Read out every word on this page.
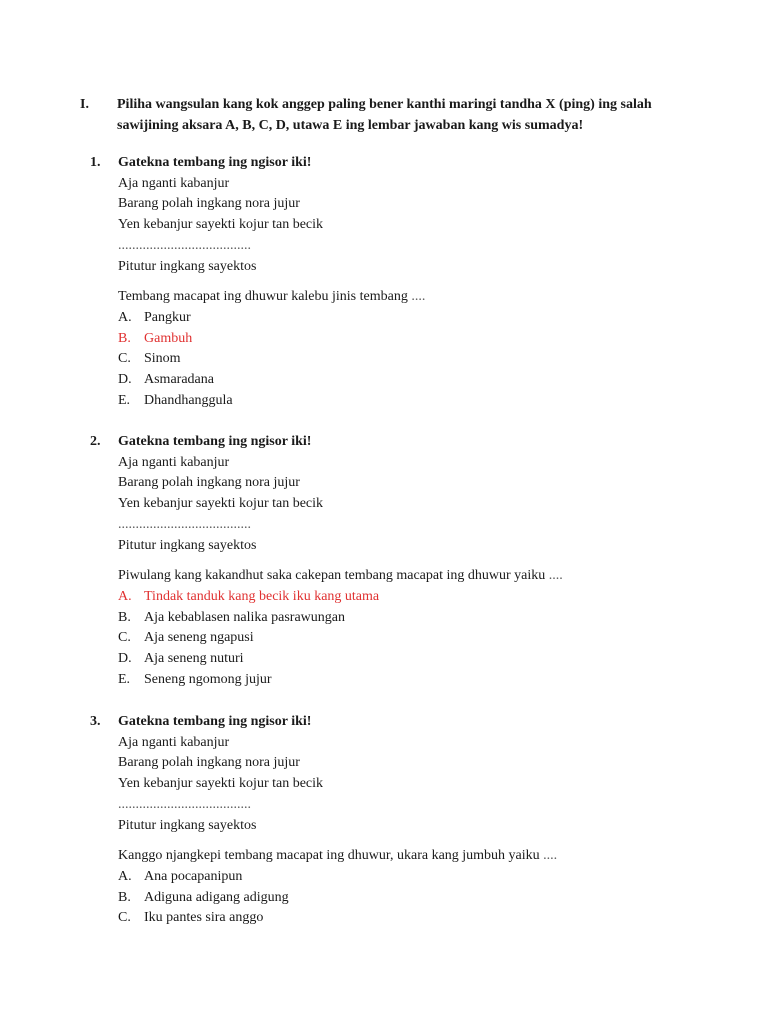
I. Piliha wangsulan kang kok anggep paling bener kanthi maringi tandha X (ping) ing salah sawijining aksara A, B, C, D, utawa E ing lembar jawaban kang wis sumadya!
1. Gatekna tembang ing ngisor iki!
Aja nganti kabanjur
Barang polah ingkang nora jujur
Yen kebanjur sayekti kojur tan becik
......................................
Pitutur ingkang sayektos
Tembang macapat ing dhuwur kalebu jinis tembang ....
A. Pangkur
B. Gambuh
C. Sinom
D. Asmaradana
E. Dhandhanggula
2. Gatekna tembang ing ngisor iki!
Aja nganti kabanjur
Barang polah ingkang nora jujur
Yen kebanjur sayekti kojur tan becik
......................................
Pitutur ingkang sayektos
Piwulang kang kakandhut saka cakepan tembang macapat ing dhuwur yaiku ....
A. Tindak tanduk kang becik iku kang utama
B. Aja kebablasen nalika pasrawungan
C. Aja seneng ngapusi
D. Aja seneng nuturi
E. Seneng ngomong jujur
3. Gatekna tembang ing ngisor iki!
Aja nganti kabanjur
Barang polah ingkang nora jujur
Yen kebanjur sayekti kojur tan becik
......................................
Pitutur ingkang sayektos
Kanggo njangkepi tembang macapat ing dhuwur, ukara kang jumbuh yaiku ....
A. Ana pocapanipun
B. Adiguna adigang adigung
C. Iku pantes sira anggo
